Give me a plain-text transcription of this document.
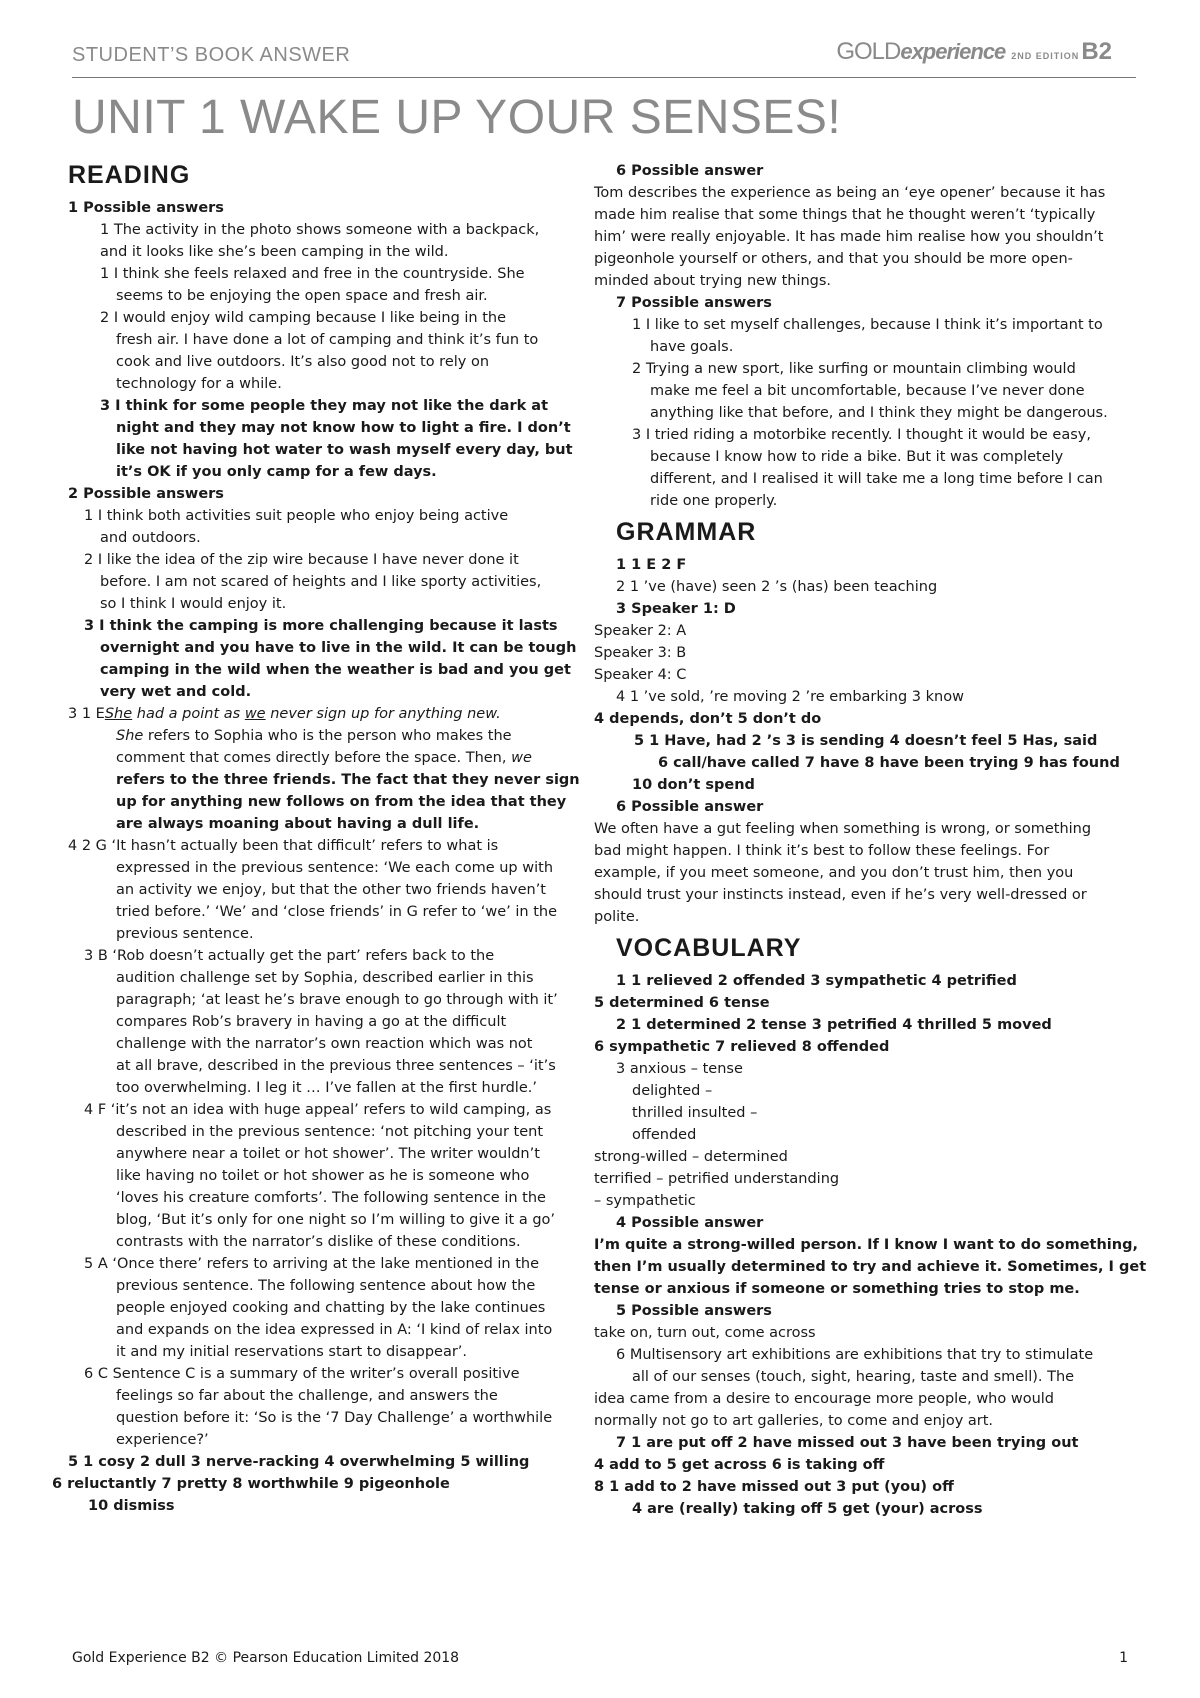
STUDENT’S BOOK ANSWER	GOLDexperience 2ND EDITIONB2
UNIT 1 WAKE UP YOUR SENSES!
READING
1 Possible answers
1 The activity in the photo shows someone with a backpack,
and it looks like she’s been camping in the wild.
1 I think she feels relaxed and free in the countryside. She
seems to be enjoying the open space and fresh air.
2 I would enjoy wild camping because I like being in the
fresh air. I have done a lot of camping and think it’s fun to
cook and live outdoors. It’s also good not to rely on
technology for a while.
3 I think for some people they may not like the dark at
night and they may not know how to light a fire. I don’t
like not having hot water to wash myself every day, but
it’s OK if you only camp for a few days.
2 Possible answers
1 I think both activities suit people who enjoy being active
and outdoors.
2 I like the idea of the zip wire because I have never done it
before. I am not scared of heights and I like sporty activities,
so I think I would enjoy it.
3 I think the camping is more challenging because it lasts
overnight and you have to live in the wild. It can be tough
camping in the wild when the weather is bad and you get
very wet and cold.
3 1 EShe had a point as we never sign up for anything new.
She refers to Sophia who is the person who makes the
comment that comes directly before the space. Then, we
refers to the three friends. The fact that they never sign
up for anything new follows on from the idea that they
are always moaning about having a dull life.
4 2 G ‘It hasn’t actually been that difficult’ refers to what is
expressed in the previous sentence: ‘We each come up with
an activity we enjoy, but that the other two friends haven’t
tried before.’ ‘We’ and ‘close friends’ in G refer to ‘we’ in the
previous sentence.
3 B ‘Rob doesn’t actually get the part’ refers back to the
audition challenge set by Sophia, described earlier in this
paragraph; ‘at least he’s brave enough to go through with it’
compares Rob’s bravery in having a go at the difficult
challenge with the narrator’s own reaction which was not
at all brave, described in the previous three sentences – ‘it’s
too overwhelming. I leg it … I’ve fallen at the first hurdle.’
4 F ‘it’s not an idea with huge appeal’ refers to wild camping, as
described in the previous sentence: ‘not pitching your tent
anywhere near a toilet or hot shower’. The writer wouldn’t
like having no toilet or hot shower as he is someone who
‘loves his creature comforts’. The following sentence in the
blog, ‘But it’s only for one night so I’m willing to give it a go’
contrasts with the narrator’s dislike of these conditions.
5 A ‘Once there’ refers to arriving at the lake mentioned in the
previous sentence. The following sentence about how the
people enjoyed cooking and chatting by the lake continues
and expands on the idea expressed in A: ‘I kind of relax into
it and my initial reservations start to disappear’.
6 C Sentence C is a summary of the writer’s overall positive
feelings so far about the challenge, and answers the
question before it: ‘So is the ‘7 Day Challenge’ a worthwhile
experience?’
5 1 cosy 2 dull 3 nerve-racking 4 overwhelming 5 willing
6 reluctantly 7 pretty 8 worthwhile 9 pigeonhole
10 dismiss
6 Possible answer
Tom describes the experience as being an ‘eye opener’ because it has
made him realise that some things that he thought weren’t ‘typically
him’ were really enjoyable. It has made him realise how you shouldn’t
pigeonhole yourself or others, and that you should be more open-
minded about trying new things.
7 Possible answers
1 I like to set myself challenges, because I think it’s important to
have goals.
2 Trying a new sport, like surfing or mountain climbing would
make me feel a bit uncomfortable, because I’ve never done
anything like that before, and I think they might be dangerous.
3 I tried riding a motorbike recently. I thought it would be easy,
because I know how to ride a bike. But it was completely
different, and I realised it will take me a long time before I can
ride one properly.
GRAMMAR
1 1 E 2 F
2 1 ’ve (have) seen 2 ’s (has) been teaching
3 Speaker 1: D
Speaker 2: A
Speaker 3: B
Speaker 4: C
4 1 ’ve sold, ’re moving 2 ’re embarking 3 know
4 depends, don’t 5 don’t do
5 1 Have, had 2 ’s 3 is sending 4 doesn’t feel 5 Has, said
6 call/have called 7 have 8 have been trying 9 has found
10 don’t spend
6 Possible answer
We often have a gut feeling when something is wrong, or something
bad might happen. I think it’s best to follow these feelings. For
example, if you meet someone, and you don’t trust him, then you
should trust your instincts instead, even if he’s very well-dressed or
polite.
VOCABULARY
1 1 relieved 2 offended 3 sympathetic 4 petrified
5 determined 6 tense
2 1 determined 2 tense 3 petrified 4 thrilled 5 moved
6 sympathetic 7 relieved 8 offended
3 anxious – tense
delighted –
thrilled insulted –
offended
strong-willed – determined
terrified – petrified understanding
– sympathetic
4 Possible answer
I’m quite a strong-willed person. If I know I want to do something,
then I’m usually determined to try and achieve it. Sometimes, I get
tense or anxious if someone or something tries to stop me.
5 Possible answers
take on, turn out, come across
6 Multisensory art exhibitions are exhibitions that try to stimulate
all of our senses (touch, sight, hearing, taste and smell). The
idea came from a desire to encourage more people, who would
normally not go to art galleries, to come and enjoy art.
7 1 are put off 2 have missed out 3 have been trying out
4 add to 5 get across 6 is taking off
8 1 add to 2 have missed out 3 put (you) off
4 are (really) taking off 5 get (your) across
Gold Experience B2 © Pearson Education Limited 2018	1
